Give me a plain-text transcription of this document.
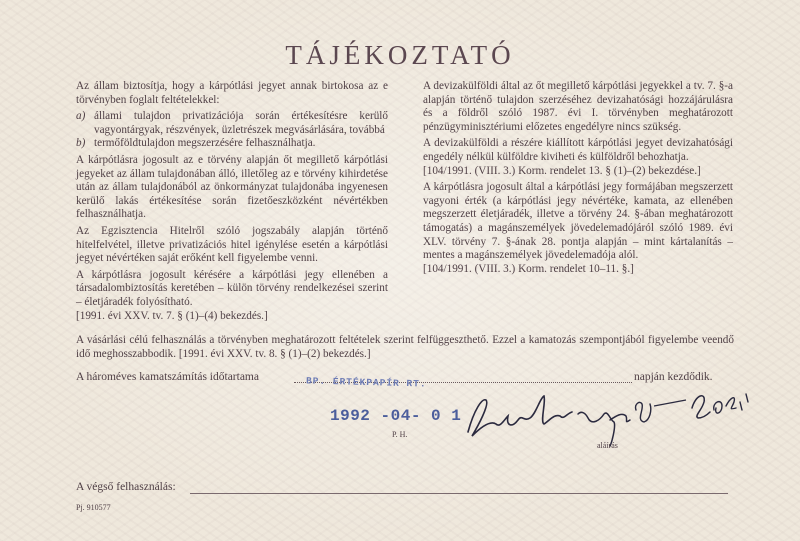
TÁJÉKOZTATÓ

Az állam biztosítja, hogy a kárpótlási jegyet annak birtokosa az e törvényben foglalt feltételekkel:

a) állami tulajdon privatizációja során értékesítésre kerülő vagyontárgyak, részvények, üzletrészek megvásárlására, továbbá
b) termőföldtulajdon megszerzésére felhasználhatja.

A kárpótlásra jogosult az e törvény alapján őt megillető kárpótlási jegyeket az állam tulajdonában álló, illetőleg az e törvény kihirdetése után az állam tulajdonából az önkormányzat tulajdonába ingyenesen kerülő lakás értékesítése során fizetőeszközként névértékben felhasználhatja.

Az Egzisztencia Hitelről szóló jogszabály alapján történő hitelfelvétel, illetve privatizációs hitel igénylése esetén a kárpótlási jegyet névértéken saját erőként kell figyelembe venni.

A kárpótlásra jogosult kérésére a kárpótlási jegy ellenében a társadalombiztosítás keretében – külön törvény rendelkezései szerint – életjáradék folyósítható.

[1991. évi XXV. tv. 7. § (1)–(4) bekezdés.]

A devizakülföldi által az őt megillető kárpótlási jegyekkel a tv. 7. §-a alapján történő tulajdon szerzéséhez devizahatósági hozzájárulásra és a földről szóló 1987. évi I. törvényben meghatározott pénzügyminisztériumi előzetes engedélyre nincs szükség.

A devizakülföldi a részére kiállított kárpótlási jegyet devizahatósági engedély nélkül külföldre kiviheti és külföldről behozhatja.

[104/1991. (VIII. 3.) Korm. rendelet 13. § (1)–(2) bekezdése.]

A kárpótlásra jogosult által a kárpótlási jegy formájában megszerzett vagyoni érték (a kárpótlási jegy névértéke, kamata, az ellenében megszerzett életjáradék, illetve a törvény 24. §-ában meghatározott támogatás) a magánszemélyek jövedelemadójáról szóló 1989. évi XLV. törvény 7. §-ának 28. pontja alapján – mint kártalanítás – mentes a magánszemélyek jövedelemadója alól.

[104/1991. (VIII. 3.) Korm. rendelet 10–11. §.]

A vásárlási célú felhasználás a törvényben meghatározott feltételek szerint felfüggeszthető. Ezzel a kamatozás szempontjából figyelembe veendő idő meghosszabbodik. [1991. évi XXV. tv. 8. § (1)–(2) bekezdés.]

A hároméves kamatszámítás időtartama	napján kezdődik.
BP. ÉRTÉKPAPÍR RT.
1992 -04- 0 1
P. H.
aláírás
A végső felhasználás:
Pj. 910577
